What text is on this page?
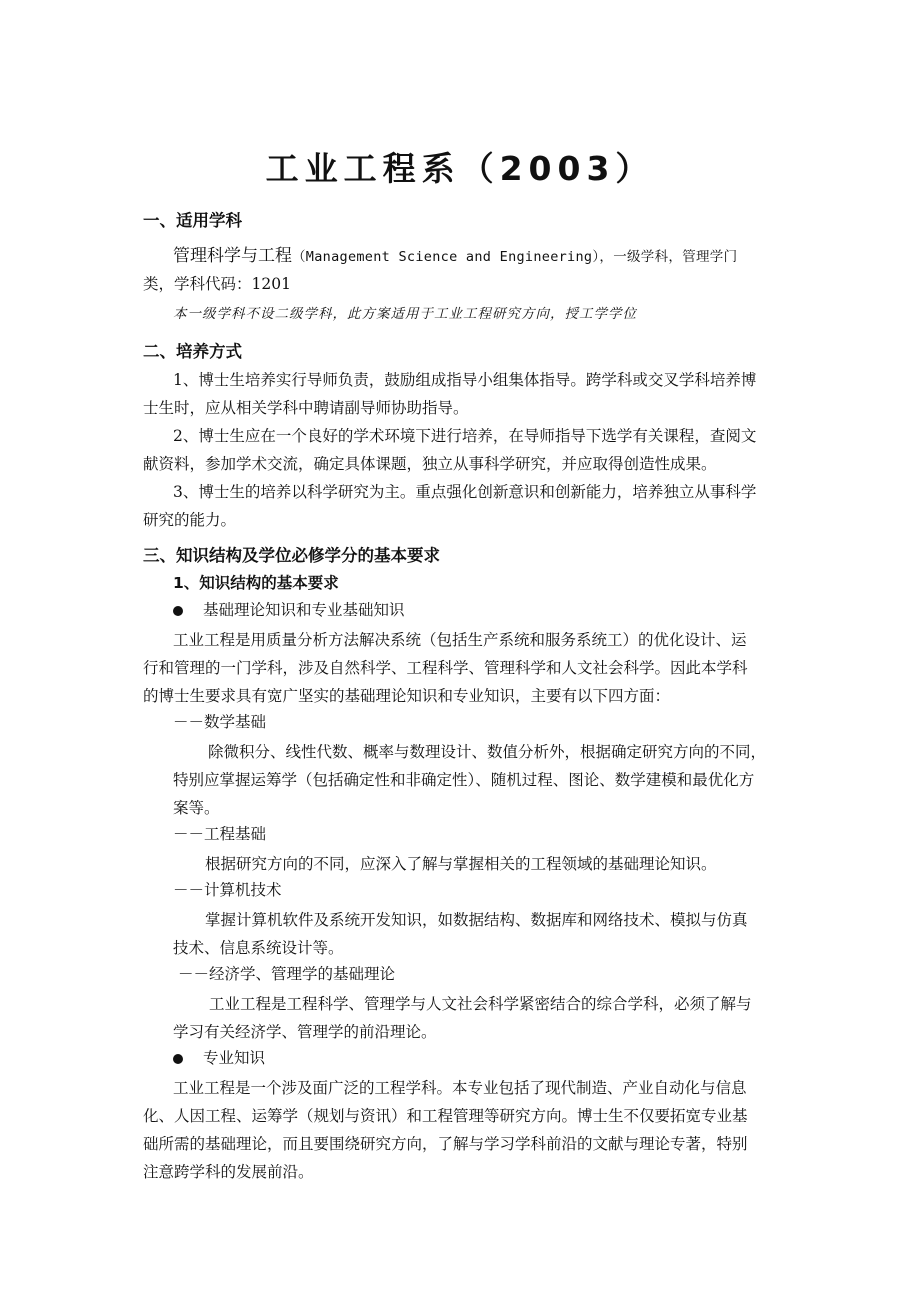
工业工程系（2003）
一、适用学科
管理科学与工程（Management Science and Engineering），一级学科，管理学门
类，学科代码：1201
本一级学科不设二级学科，此方案适用于工业工程研究方向，授工学学位
二、培养方式
1、博士生培养实行导师负责，鼓励组成指导小组集体指导。跨学科或交叉学科培养博
士生时，应从相关学科中聘请副导师协助指导。
2、博士生应在一个良好的学术环境下进行培养，在导师指导下选学有关课程，查阅文
献资料，参加学术交流，确定具体课题，独立从事科学研究，并应取得创造性成果。
3、博士生的培养以科学研究为主。重点强化创新意识和创新能力，培养独立从事科学
研究的能力。
三、知识结构及学位必修学分的基本要求
1、知识结构的基本要求
基础理论知识和专业基础知识
工业工程是用质量分析方法解决系统（包括生产系统和服务系统工）的优化设计、运
行和管理的一门学科，涉及自然科学、工程科学、管理科学和人文社会科学。因此本学科
的博士生要求具有宽广坚实的基础理论知识和专业知识，主要有以下四方面：
－－数学基础
除微积分、线性代数、概率与数理设计、数值分析外，根据确定研究方向的不同，
特别应掌握运筹学（包括确定性和非确定性）、随机过程、图论、数学建模和最优化方
案等。
－－工程基础
根据研究方向的不同，应深入了解与掌握相关的工程领域的基础理论知识。
－－计算机技术
掌握计算机软件及系统开发知识，如数据结构、数据库和网络技术、模拟与仿真
技术、信息系统设计等。
－－经济学、管理学的基础理论
工业工程是工程科学、管理学与人文社会科学紧密结合的综合学科，必须了解与
学习有关经济学、管理学的前沿理论。
专业知识
工业工程是一个涉及面广泛的工程学科。本专业包括了现代制造、产业自动化与信息
化、人因工程、运筹学（规划与资讯）和工程管理等研究方向。博士生不仅要拓宽专业基
础所需的基础理论，而且要围绕研究方向，了解与学习学科前沿的文献与理论专著，特别
注意跨学科的发展前沿。
